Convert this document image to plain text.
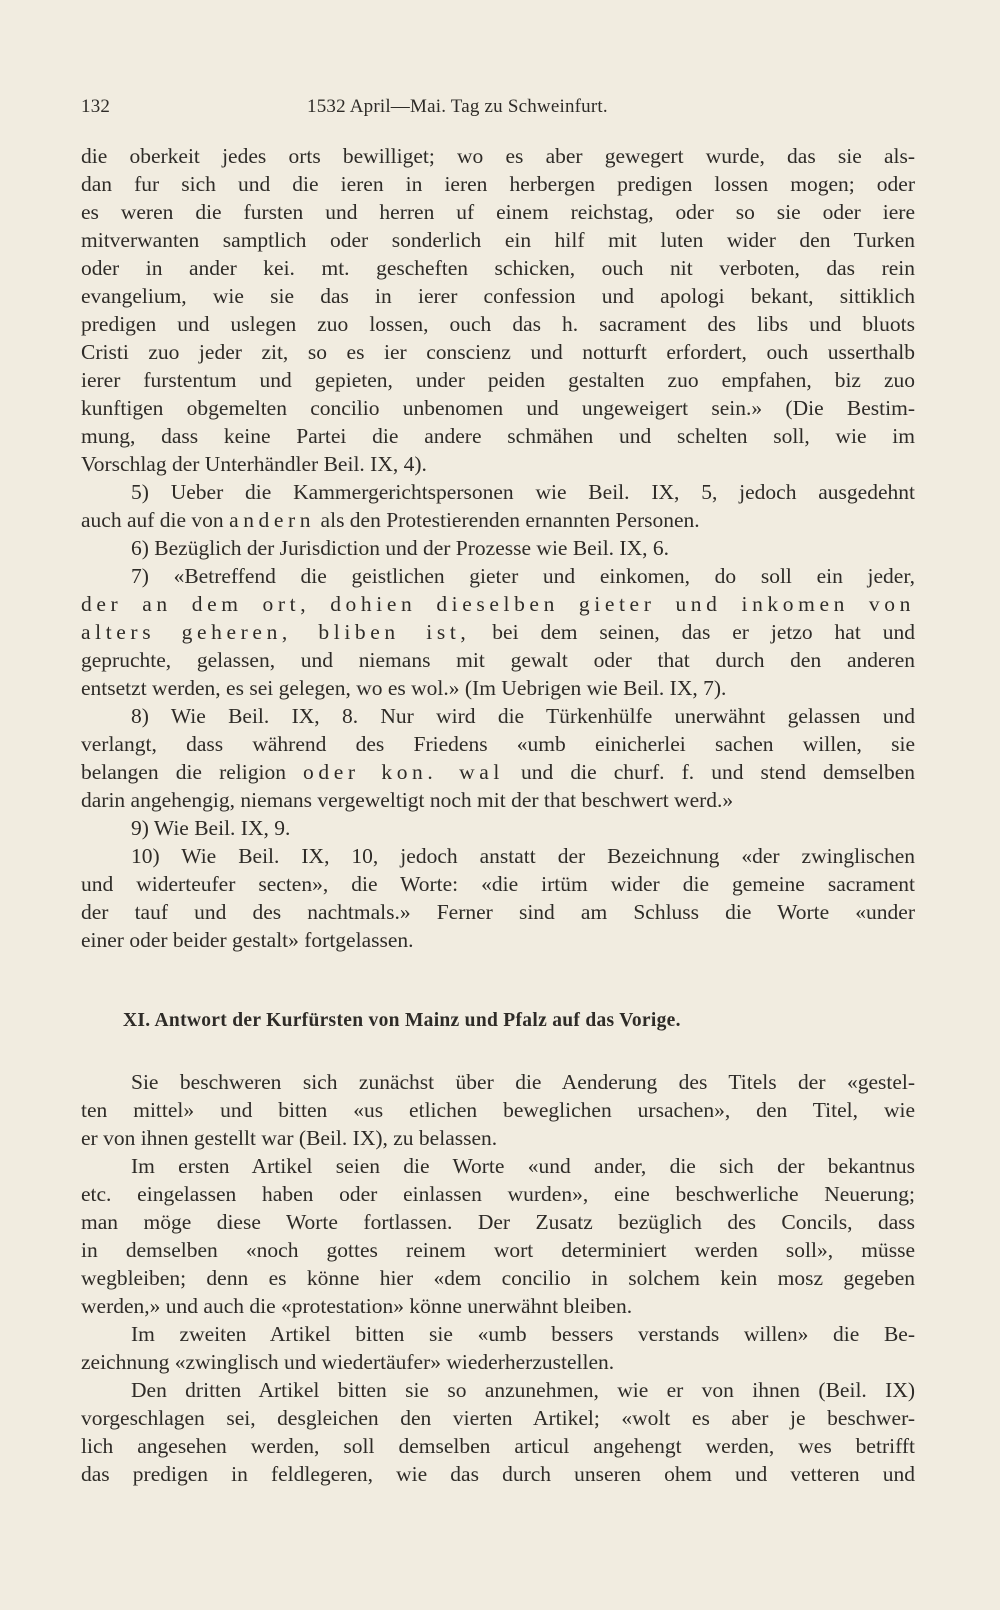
132	1532 April—Mai. Tag zu Schweinfurt.
die oberkeit jedes orts bewilliget; wo es aber gewegert wurde, das sie als-
dan fur sich und die ieren in ieren herbergen predigen lossen mogen; oder
es weren die fursten und herren uf einem reichstag, oder so sie oder iere
mitverwanten samptlich oder sonderlich ein hilf mit luten wider den Turken
oder in ander kei. mt. gescheften schicken, ouch nit verboten, das rein
evangelium, wie sie das in ierer confession und apologi bekant, sittiklich
predigen und uslegen zuo lossen, ouch das h. sacrament des libs und bluots
Cristi zuo jeder zit, so es ier conscienz und notturft erfordert, ouch usserthalb
ierer furstentum und gepieten, under peiden gestalten zuo empfahen, biz zuo
kunftigen obgemelten concilio unbenomen und ungeweigert sein.» (Die Bestim-
mung, dass keine Partei die andere schmähen und schelten soll, wie im
Vorschlag der Unterhändler Beil. IX, 4).
5) Ueber die Kammergerichtspersonen wie Beil. IX, 5, jedoch ausgedehnt
auch auf die von andern als den Protestierenden ernannten Personen.
6) Bezüglich der Jurisdiction und der Prozesse wie Beil. IX, 6.
7) «Betreffend die geistlichen gieter und einkomen, do soll ein jeder,
der an dem ort, dohien dieselben gieter und inkomen von
alters geheren, bliben ist, bei dem seinen, das er jetzo hat und
gepruchte, gelassen, und niemans mit gewalt oder that durch den anderen
entsetzt werden, es sei gelegen, wo es wol.» (Im Uebrigen wie Beil. IX, 7).
8) Wie Beil. IX, 8. Nur wird die Türkenhülfe unerwähnt gelassen und
verlangt, dass während des Friedens «umb einicherlei sachen willen, sie
belangen die religion oder kon. wal und die churf. f. und stend demselben
darin angehengig, niemans vergeweltigt noch mit der that beschwert werd.»
9) Wie Beil. IX, 9.
10) Wie Beil. IX, 10, jedoch anstatt der Bezeichnung «der zwinglischen
und widerteufer secten», die Worte: «die irtüm wider die gemeine sacrament
der tauf und des nachtmals.» Ferner sind am Schluss die Worte «under
einer oder beider gestalt» fortgelassen.
XI. Antwort der Kurfürsten von Mainz und Pfalz auf das Vorige.
Sie beschweren sich zunächst über die Aenderung des Titels der «gestel-
ten mittel» und bitten «us etlichen beweglichen ursachen», den Titel, wie
er von ihnen gestellt war (Beil. IX), zu belassen.
Im ersten Artikel seien die Worte «und ander, die sich der bekantnus
etc. eingelassen haben oder einlassen wurden», eine beschwerliche Neuerung;
man möge diese Worte fortlassen. Der Zusatz bezüglich des Concils, dass
in demselben «noch gottes reinem wort determiniert werden soll», müsse
wegbleiben; denn es könne hier «dem concilio in solchem kein mosz gegeben
werden,» und auch die «protestation» könne unerwähnt bleiben.
Im zweiten Artikel bitten sie «umb bessers verstands willen» die Be-
zeichnung «zwinglisch und wiedertäufer» wiederherzustellen.
Den dritten Artikel bitten sie so anzunehmen, wie er von ihnen (Beil. IX)
vorgeschlagen sei, desgleichen den vierten Artikel; «wolt es aber je beschwer-
lich angesehen werden, soll demselben articul angehengt werden, wes betrifft
das predigen in feldlegeren, wie das durch unseren ohem und vetteren und
